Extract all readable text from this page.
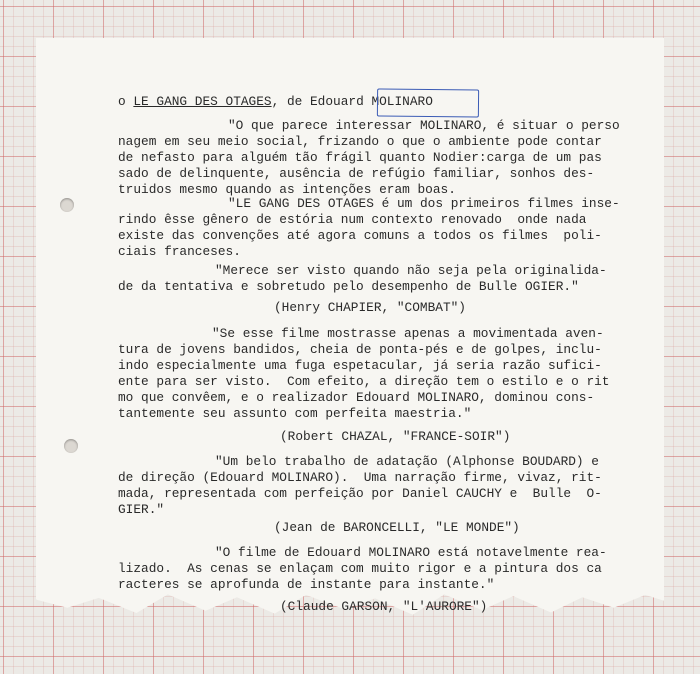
o LE GANG DES OTAGES, de Edouard MOLINARO

"O que parece interessar MOLINARO, é situar o perso

nagem em seu meio social, frizando o que o ambiente pode contar

de nefasto para alguém tão frágil quanto Nodier:carga de um pas

sado de delinquente, ausência de refúgio familiar, sonhos des-

truidos mesmo quando as intenções eram boas.

"LE GANG DES OTAGES é um dos primeiros filmes inse-

rindo êsse gênero de estória num contexto renovado  onde nada

existe das convenções até agora comuns a todos os filmes  poli-

ciais franceses.

"Merece ser visto quando não seja pela originalida-

de da tentativa e sobretudo pelo desempenho de Bulle OGIER."

(Henry CHAPIER, "COMBAT")

"Se esse filme mostrasse apenas a movimentada aven-

tura de jovens bandidos, cheia de ponta-pés e de golpes, inclu-

indo especialmente uma fuga espetacular, já seria razão sufici-

ente para ser visto.  Com efeito, a direção tem o estilo e o rit

mo que convêem, e o realizador Edouard MOLINARO, dominou cons-

tantemente seu assunto com perfeita maestria."

(Robert CHAZAL, "FRANCE-SOIR")

"Um belo trabalho de adatação (Alphonse BOUDARD) e

de direção (Edouard MOLINARO).  Uma narração firme, vivaz, rit-

mada, representada com perfeição por Daniel CAUCHY e  Bulle  O-

GIER."

(Jean de BARONCELLI, "LE MONDE")

"O filme de Edouard MOLINARO está notavelmente rea-

lizado.  As cenas se enlaçam com muito rigor e a pintura dos ca

racteres se aprofunda de instante para instante."

(Claude GARSON, "L'AURORE")
